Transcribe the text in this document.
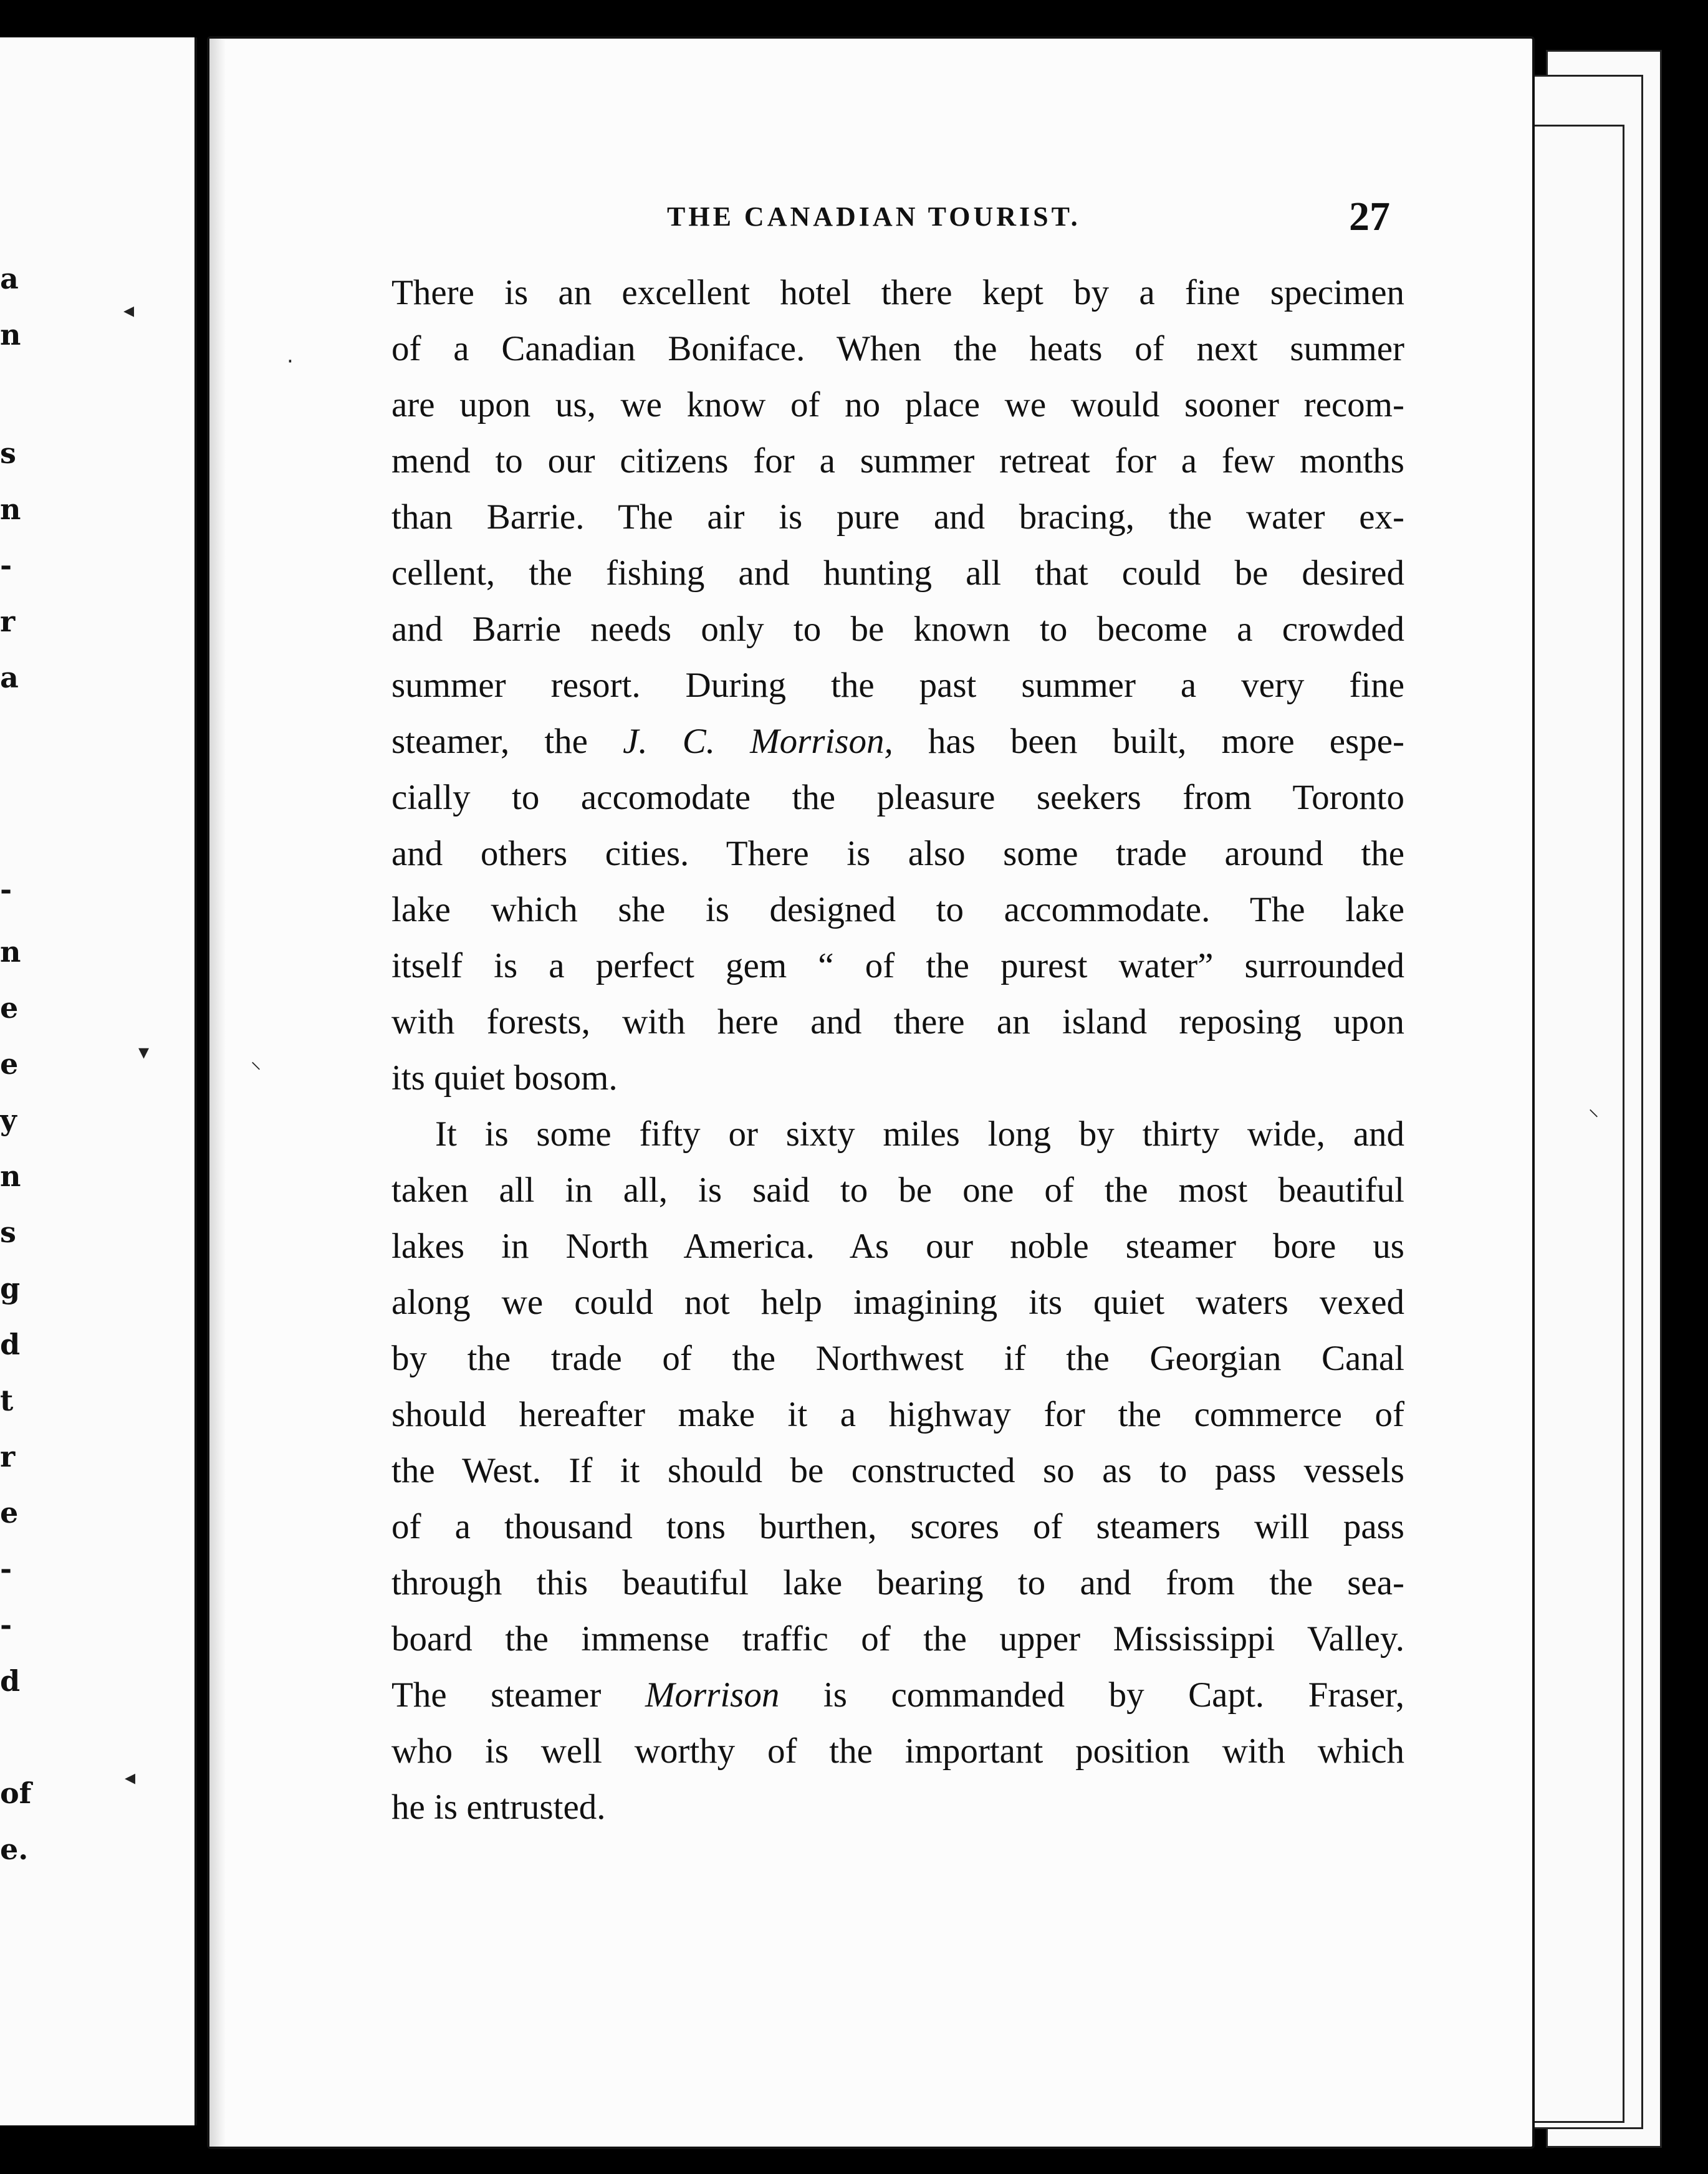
a
n
s
n
-
r
a
-
n
e
e
y
n
s
g
d
t
r
e
-
-
d
of
e.
THE CANADIAN TOURIST.	27
There is an excellent hotel there kept by a fine specimen
of a Canadian Boniface. When the heats of next summer
are upon us, we know of no place we would sooner recom-
mend to our citizens for a summer retreat for a few months
than Barrie. The air is pure and bracing, the water ex-
cellent, the fishing and hunting all that could be desired
and Barrie needs only to be known to become a crowded
summer resort. During the past summer a very fine
steamer, the J. C. Morrison, has been built, more espe-
cially to accomodate the pleasure seekers from Toronto
and others cities. There is also some trade around the
lake which she is designed to accommodate. The lake
itself is a perfect gem “ of the purest water” surrounded
with forests, with here and there an island reposing upon
its quiet bosom.
It is some fifty or sixty miles long by thirty wide, and
taken all in all, is said to be one of the most beautiful
lakes in North America. As our noble steamer bore us
along we could not help imagining its quiet waters vexed
by the trade of the Northwest if the Georgian Canal
should hereafter make it a highway for the commerce of
the West. If it should be constructed so as to pass vessels
of a thousand tons burthen, scores of steamers will pass
through this beautiful lake bearing to and from the sea-
board the immense traffic of the upper Mississippi Valley.
The steamer Morrison is commanded by Capt. Fraser,
who is well worthy of the important position with which
he is entrusted.
◂
·
▾
⸌
◂
⸌
